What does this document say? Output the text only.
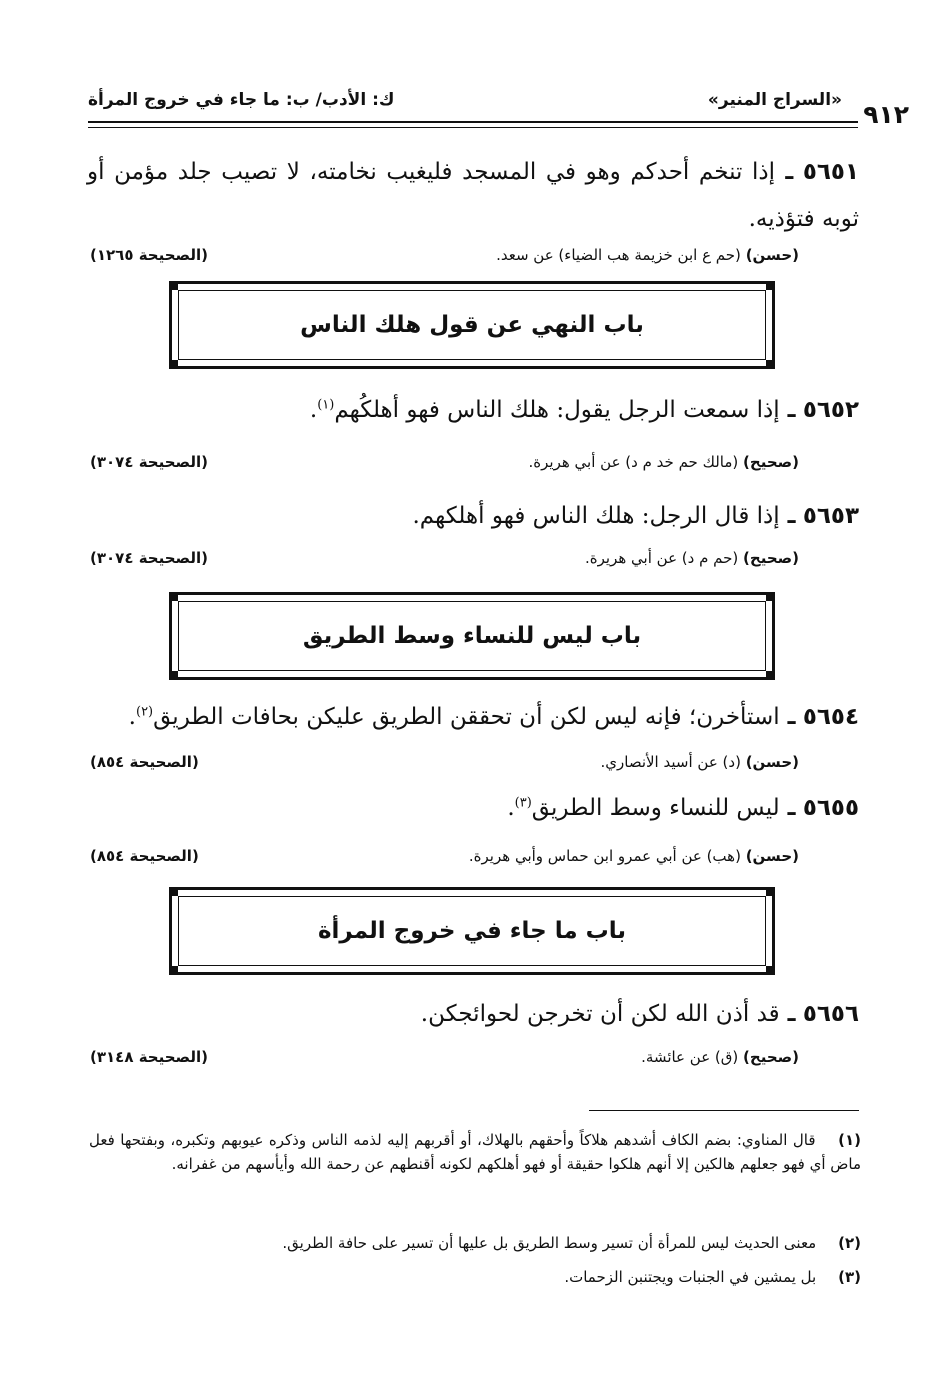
٩١٢
«السراج المنير»
ك: الأدب/ ب: ما جاء في خروج المرأة
٥٦٥١ ـ إذا تنخم أحدكم وهو في المسجد فليغيب نخامته، لا تصيب جلد مؤمن أو ثوبه فتؤذيه.
(حسن) (حم ع ابن خزيمة هب الضياء) عن سعد.
(الصحيحة ١٢٦٥)
باب النهي عن قول هلك الناس
٥٦٥٢ ـ إذا سمعت الرجل يقول: هلك الناس فهو أهلكُهم$^{(١)}$.
(صحيح) (مالك حم خد م د) عن أبي هريرة.
(الصحيحة ٣٠٧٤)
٥٦٥٣ ـ إذا قال الرجل: هلك الناس فهو أهلكهم.
(صحيح) (حم م د) عن أبي هريرة.
(الصحيحة ٣٠٧٤)
باب ليس للنساء وسط الطريق
٥٦٥٤ ـ استأخرن؛ فإنه ليس لكن أن تحققن الطريق عليكن بحافات الطريق$^{(٢)}$.
(حسن) (د) عن أسيد الأنصاري.
(الصحيحة ٨٥٤)
٥٦٥٥ ـ ليس للنساء وسط الطريق$^{(٣)}$.
(حسن) (هب) عن أبي عمرو ابن حماس وأبي هريرة.
(الصحيحة ٨٥٤)
باب ما جاء في خروج المرأة
٥٦٥٦ ـ قد أذن الله لكن أن تخرجن لحوائجكن.
(صحيح) (ق) عن عائشة.
(الصحيحة ٣١٤٨)
(١) قال المناوي: بضم الكاف أشدهم هلاكاً وأحقهم بالهلاك، أو أقربهم إليه لذمه الناس وذكره عيوبهم وتكبره، وبفتحها فعل ماض أي فهو جعلهم هالكين إلا أنهم هلكوا حقيقة أو فهو أهلكهم لكونه أقنطهم عن رحمة الله وأيأسهم من غفرانه.
(٢) معنى الحديث ليس للمرأة أن تسير وسط الطريق بل عليها أن تسير على حافة الطريق.
(٣) بل يمشين في الجنبات ويجتنبن الزحمات.
